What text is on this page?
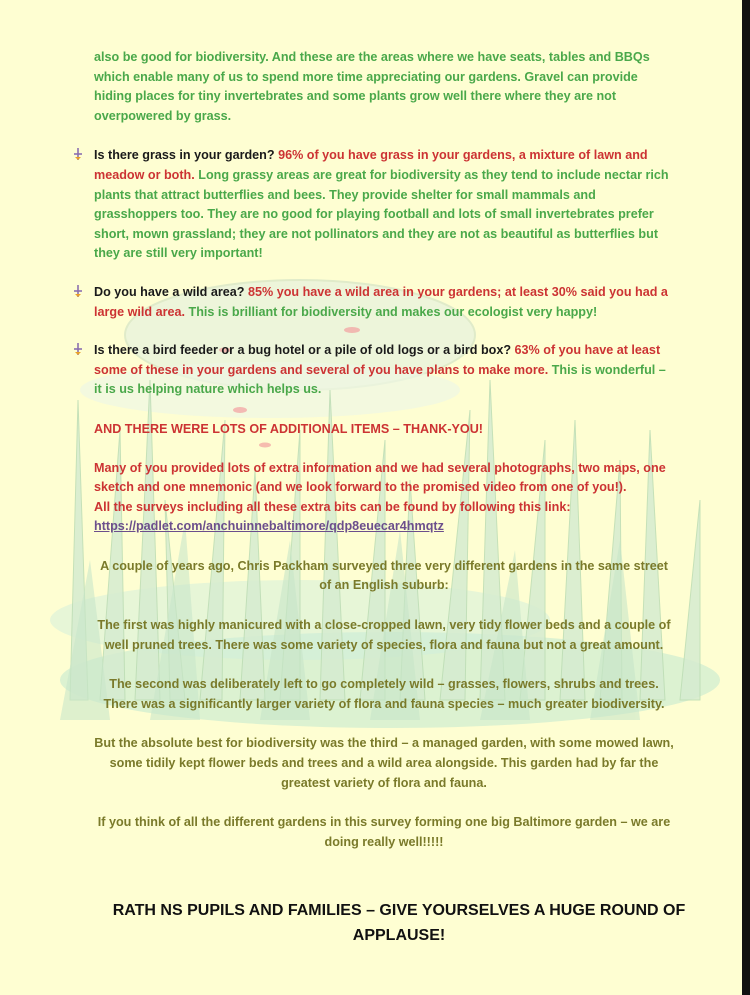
also be good for biodiversity. And these are the areas where we have seats, tables and BBQs which enable many of us to spend more time appreciating our gardens. Gravel can provide hiding places for tiny invertebrates and some plants grow well there where they are not overpowered by grass.

Is there grass in your garden? 96% of you have grass in your gardens, a mixture of lawn and meadow or both. Long grassy areas are great for biodiversity as they tend to include nectar rich plants that attract butterflies and bees. They provide shelter for small mammals and grasshoppers too. They are no good for playing football and lots of small invertebrates prefer short, mown grassland; they are not pollinators and they are not as beautiful as butterflies but they are still very important!
Do you have a wild area? 85% you have a wild area in your gardens; at least 30% said you had a large wild area. This is brilliant for biodiversity and makes our ecologist very happy!
Is there a bird feeder or a bug hotel or a pile of old logs or a bird box? 63% of you have at least some of these in your gardens and several of you have plans to make more. This is wonderful – it is us helping nature which helps us.

AND THERE WERE LOTS OF ADDITIONAL ITEMS – THANK-YOU!

Many of you provided lots of extra information and we had several photographs, two maps, one sketch and one mnemonic (and we look forward to the promised video from one of you!).

All the surveys including all these extra bits can be found by following this link:

https://padlet.com/anchuinnebaltimore/qdp8euecar4hmqtz

A couple of years ago, Chris Packham surveyed three very different gardens in the same street of an English suburb:

The first was highly manicured with a close-cropped lawn, very tidy flower beds and a couple of well pruned trees. There was some variety of species, flora and fauna but not a great amount.

The second was deliberately left to go completely wild – grasses, flowers, shrubs and trees. There was a significantly larger variety of flora and fauna species – much greater biodiversity.

But the absolute best for biodiversity was the third – a managed garden, with some mowed lawn, some tidily kept flower beds and trees and a wild area alongside. This garden had by far the greatest variety of flora and fauna.

If you think of all the different gardens in this survey forming one big Baltimore garden – we are doing really well!!!!!

RATH NS PUPILS AND FAMILIES – GIVE YOURSELVES A HUGE ROUND OF APPLAUSE!
